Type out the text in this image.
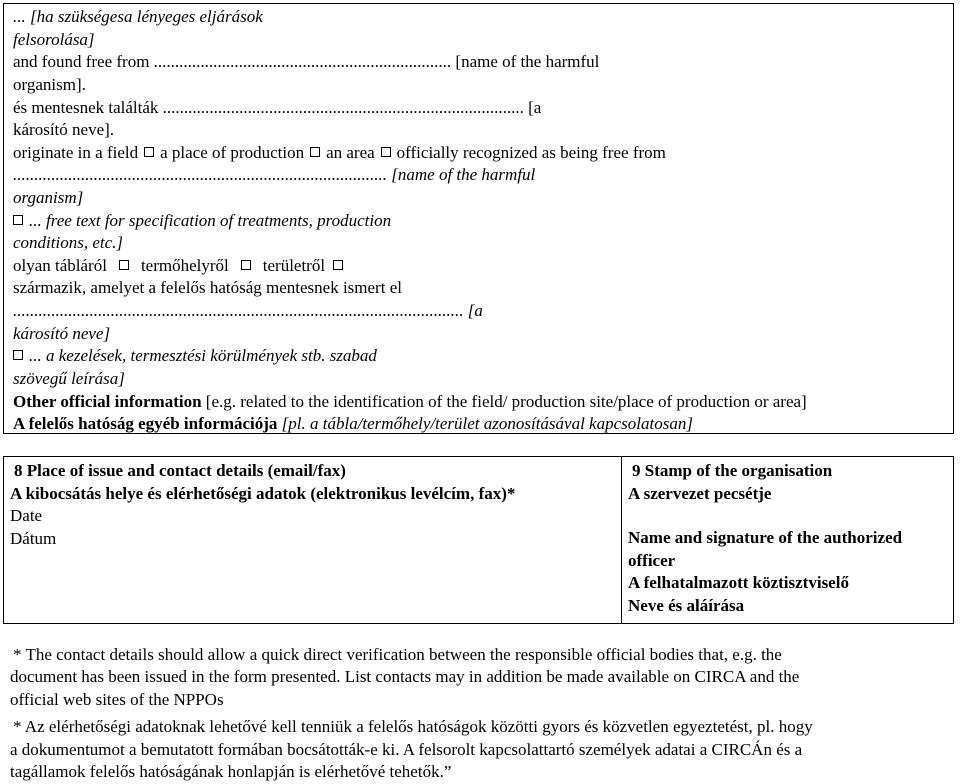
... [ha szükségesa lényeges eljárások
felsorolása]
and found free from ...................................................................... [name of the harmful
organism].
és mentesnek találták ..................................................................................... [a
károsító neve].
originate in a field a place of production an area officially recognized as being free from
........................................................................................ [name of the harmful
organism]
... free text for specification of treatments, production
conditions, etc.]
olyan tábláról termőhelyről területről
származik, amelyet a felelős hatóság mentesnek ismert el
.......................................................................................................... [a
károsító neve]
... a kezelések, termesztési körülmények stb. szabad
szövegű leírása]
Other official information [e.g. related to the identification of the field/ production site/place of production or area]
A felelős hatóság egyéb információja [pl. a tábla/termőhely/terület azonosításával kapcsolatosan]
8 Place of issue and contact details (email/fax)
A kibocsátás helye és elérhetőségi adatok (elektronikus levélcím, fax)*
Date
Dátum
9 Stamp of the organisation
A szervezet pecsétje
Name and signature of the authorized
officer
A felhatalmazott köztisztviselő
Neve és aláírása
* The contact details should allow a quick direct verification between the responsible official bodies that, e.g. the
document has been issued in the form presented. List contacts may in addition be made available on CIRCA and the
official web sites of the NPPOs
* Az elérhetőségi adatoknak lehetővé kell tenniük a felelős hatóságok közötti gyors és közvetlen egyeztetést, pl. hogy
a dokumentumot a bemutatott formában bocsátották-e ki. A felsorolt kapcsolattartó személyek adatai a CIRCÁn és a
tagállamok felelős hatóságának honlapján is elérhetővé tehetők.”
